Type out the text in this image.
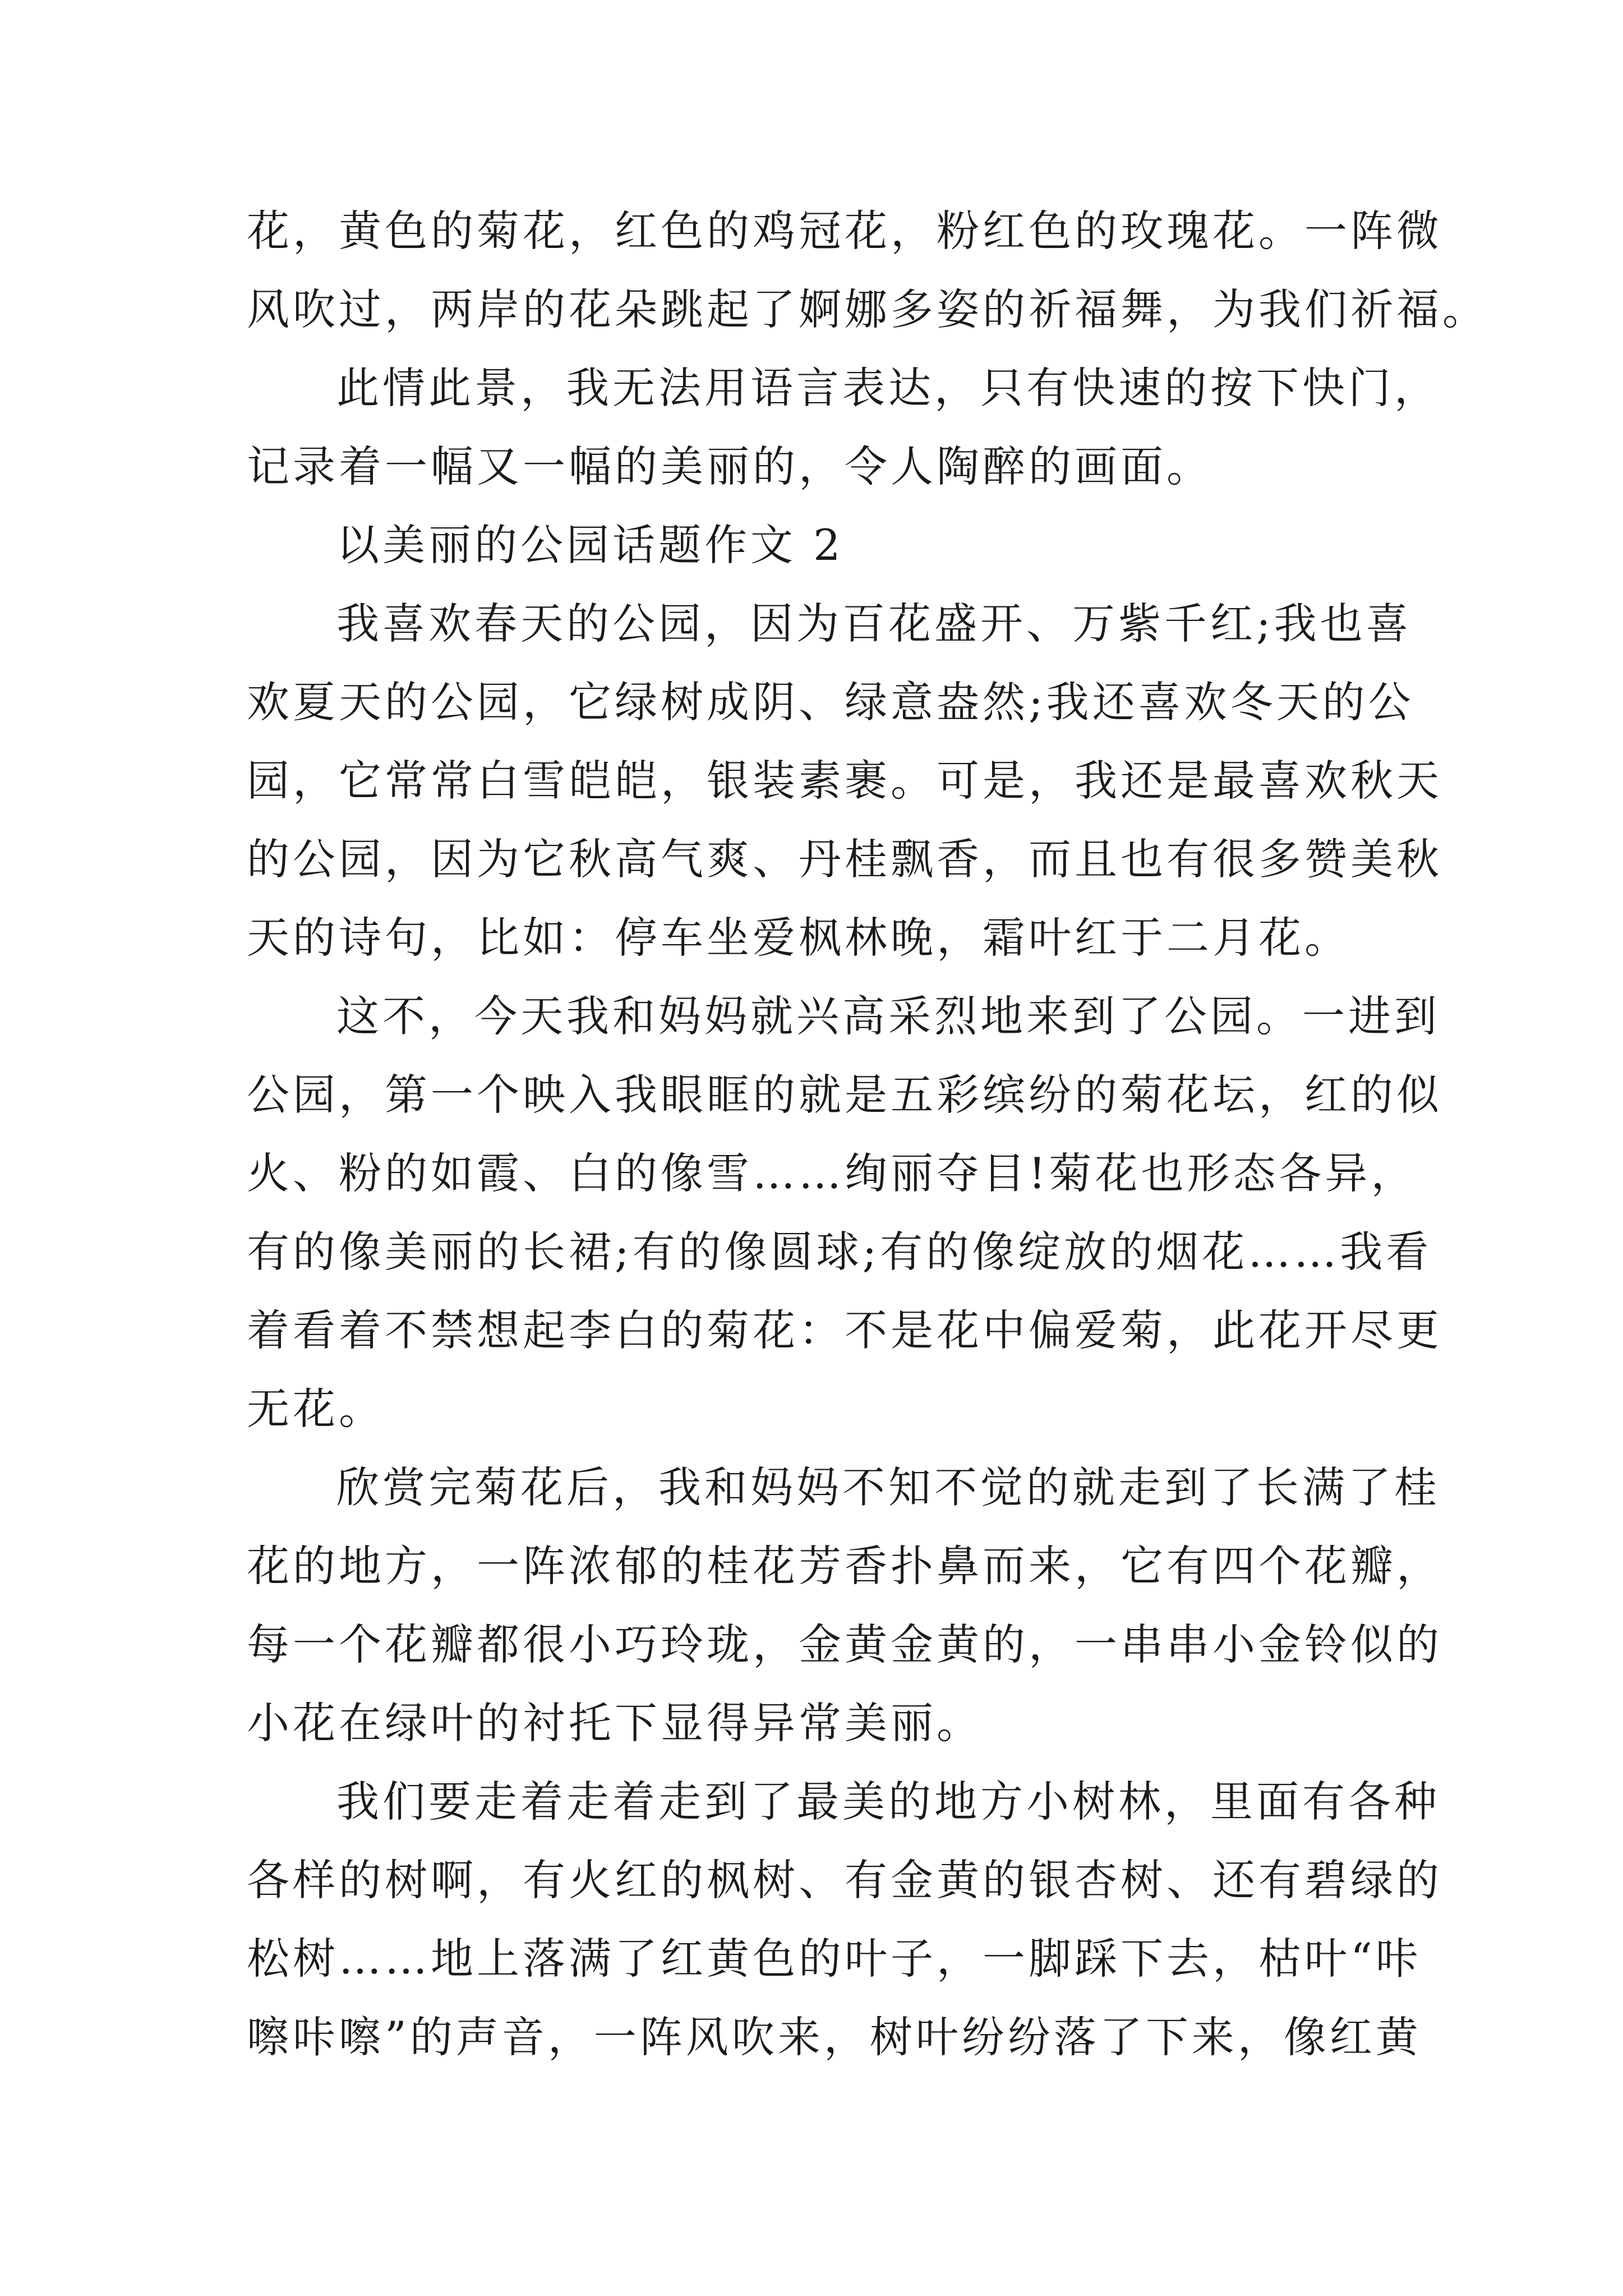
花，黄色的菊花，红色的鸡冠花，粉红色的玫瑰花。一阵微
风吹过，两岸的花朵跳起了婀娜多姿的祈福舞，为我们祈福。
此情此景，我无法用语言表达，只有快速的按下快门，
记录着一幅又一幅的美丽的，令人陶醉的画面。
以美丽的公园话题作文 2
我喜欢春天的公园，因为百花盛开、万紫千红;我也喜
欢夏天的公园，它绿树成阴、绿意盎然;我还喜欢冬天的公
园，它常常白雪皑皑，银装素裹。可是，我还是最喜欢秋天
的公园，因为它秋高气爽、丹桂飘香，而且也有很多赞美秋
天的诗句，比如：停车坐爱枫林晚，霜叶红于二月花。
这不，今天我和妈妈就兴高采烈地来到了公园。一进到
公园，第一个映入我眼眶的就是五彩缤纷的菊花坛，红的似
火、粉的如霞、白的像雪……绚丽夺目!菊花也形态各异，
有的像美丽的长裙;有的像圆球;有的像绽放的烟花……我看
着看着不禁想起李白的菊花：不是花中偏爱菊，此花开尽更
无花。
欣赏完菊花后，我和妈妈不知不觉的就走到了长满了桂
花的地方，一阵浓郁的桂花芳香扑鼻而来，它有四个花瓣，
每一个花瓣都很小巧玲珑，金黄金黄的，一串串小金铃似的
小花在绿叶的衬托下显得异常美丽。
我们要走着走着走到了最美的地方小树林，里面有各种
各样的树啊，有火红的枫树、有金黄的银杏树、还有碧绿的
松树……地上落满了红黄色的叶子，一脚踩下去，枯叶“咔
嚓咔嚓”的声音，一阵风吹来，树叶纷纷落了下来，像红黄
